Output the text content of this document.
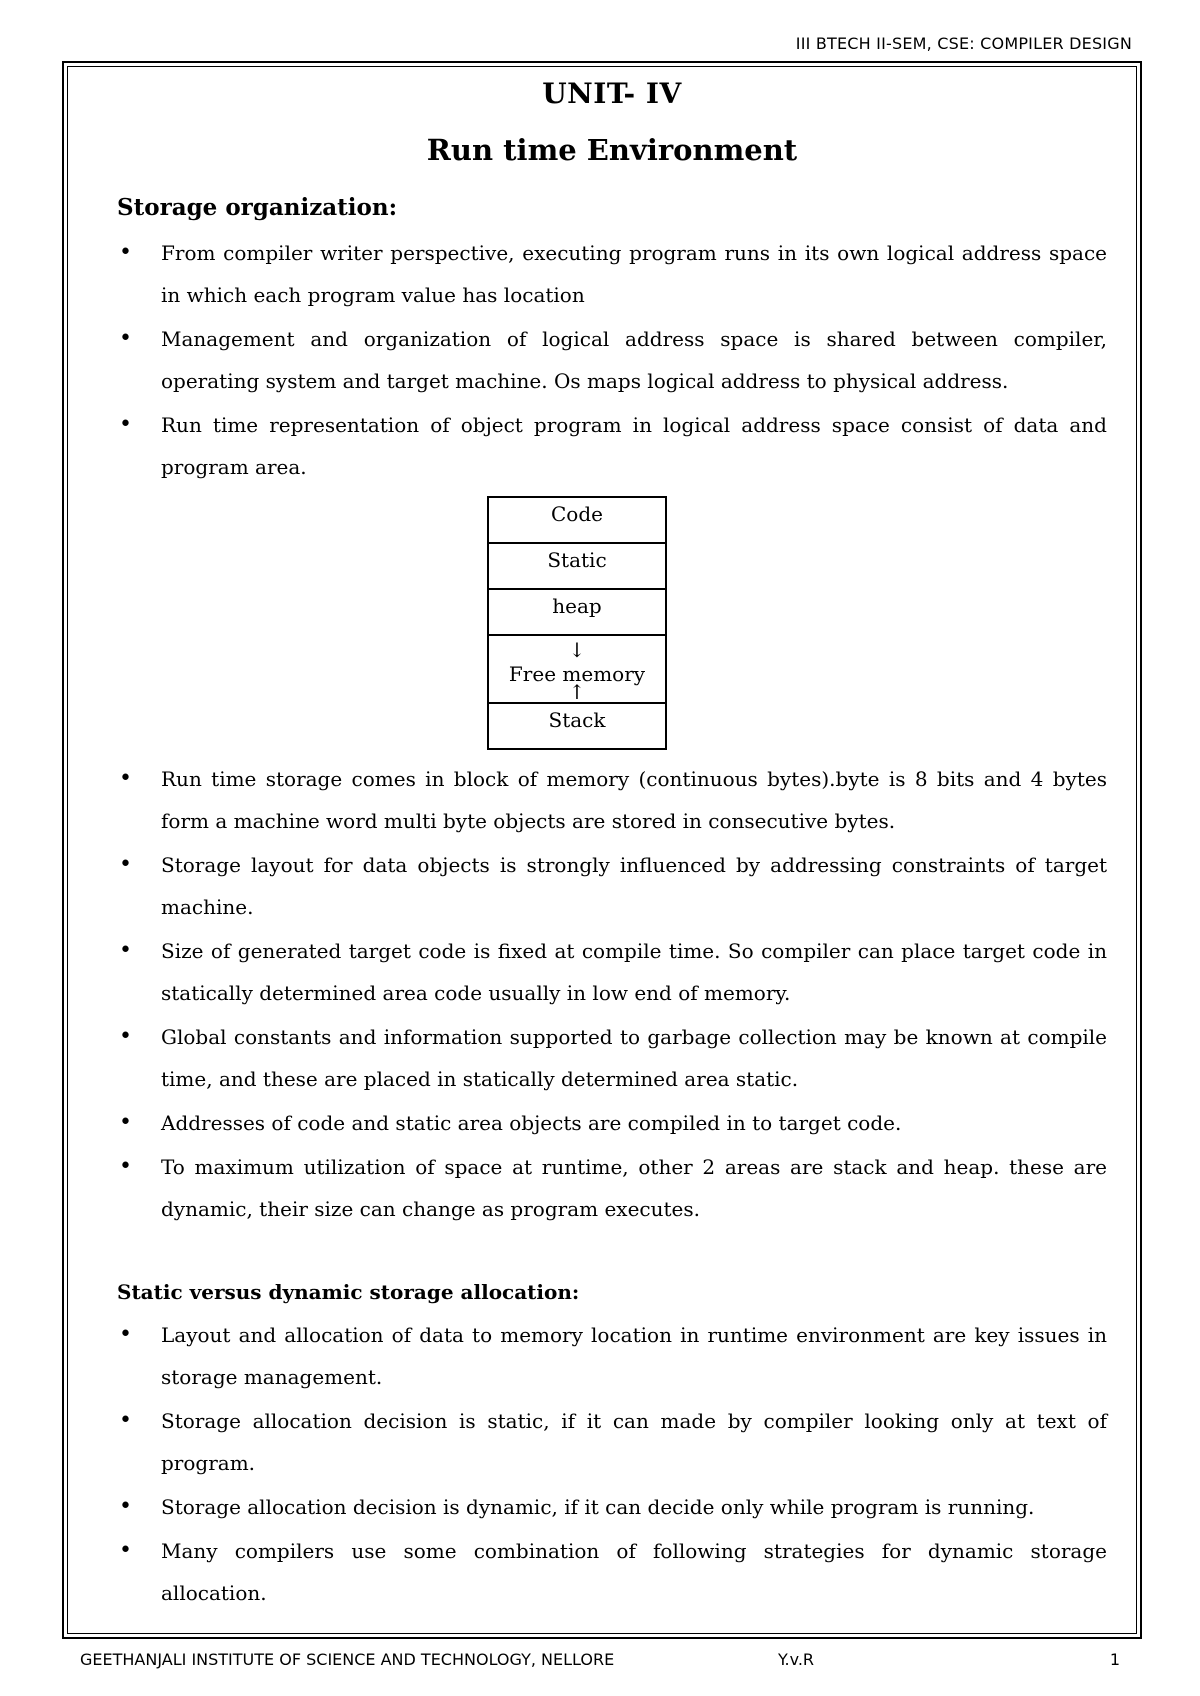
III BTECH II-SEM, CSE: COMPILER DESIGN
UNIT- IV
Run time Environment
Storage organization:
• From compiler writer perspective, executing program runs in its own logical address space in which each program value has location
• Management and organization of logical address space is shared between compiler, operating system and target machine. Os maps logical address to physical address.
• Run time representation of object program in logical address space consist of data and program area.
Code
Static
heap
↓
Free memory
↑
Stack
• Run time storage comes in block of memory (continuous bytes).byte is 8 bits and 4 bytes form a machine word multi byte objects are stored in consecutive bytes.
• Storage layout for data objects is strongly influenced by addressing constraints of target machine.
• Size of generated target code is fixed at compile time. So compiler can place target code in statically determined area code usually in low end of memory.
• Global constants and information supported to garbage collection may be known at compile time, and these are placed in statically determined area static.
• Addresses of code and static area objects are compiled in to target code.
• To maximum utilization of space at runtime, other 2 areas are stack and heap. these are dynamic, their size can change as program executes.
Static versus dynamic storage allocation:
• Layout and allocation of data to memory location in runtime environment are key issues in storage management.
• Storage allocation decision is static, if it can made by compiler looking only at text of program.
• Storage allocation decision is dynamic, if it can decide only while program is running.
• Many compilers use some combination of following strategies for dynamic storage allocation.
GEETHANJALI INSTITUTE OF SCIENCE AND TECHNOLOGY, NELLORE	Y.v.R	1
